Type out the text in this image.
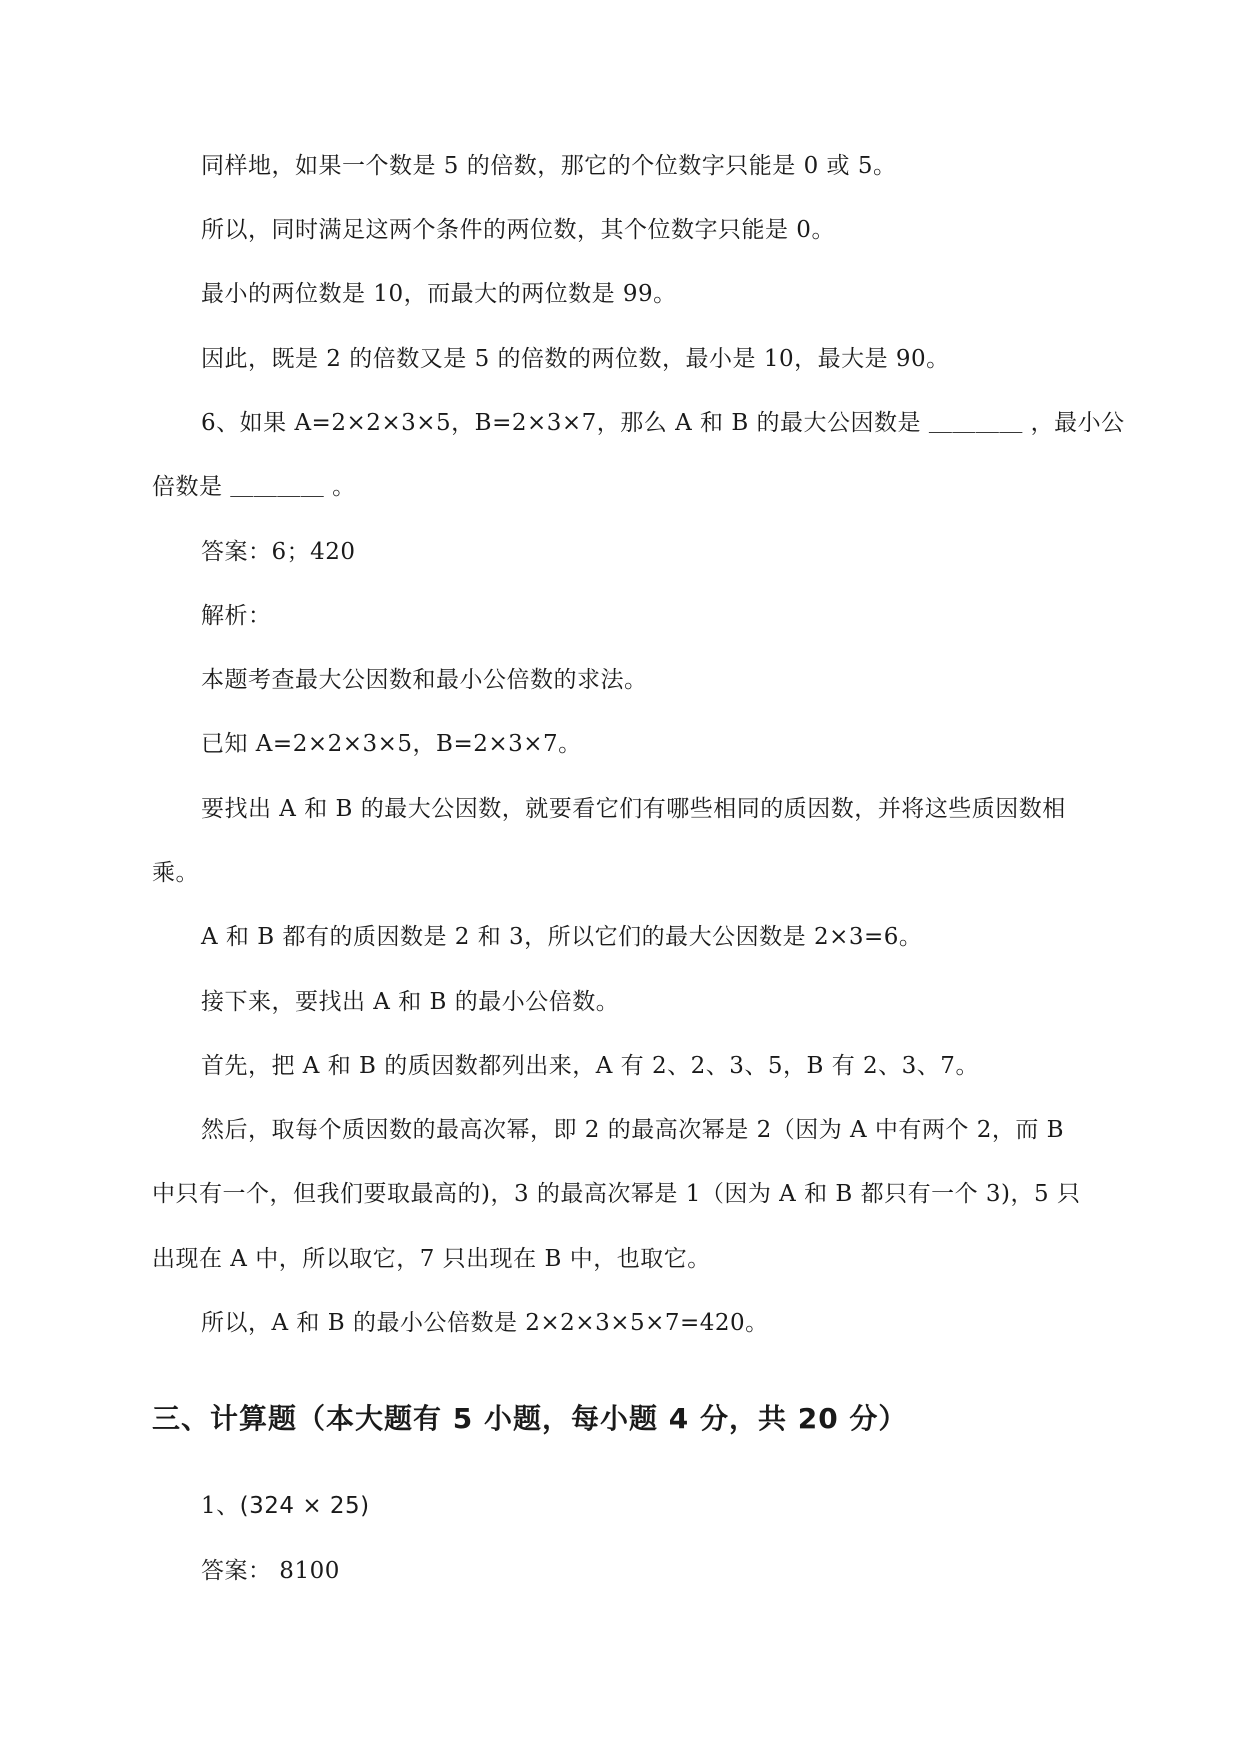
同样地，如果一个数是 5 的倍数，那它的个位数字只能是 0 或 5。
所以，同时满足这两个条件的两位数，其个位数字只能是 0。
最小的两位数是 10，而最大的两位数是 99。
因此，既是 2 的倍数又是 5 的倍数的两位数，最小是 10，最大是 90。
6、如果 A=2×2×3×5，B=2×3×7，那么 A 和 B 的最大公因数是 ＿＿＿＿ ，最小公
倍数是 ＿＿＿＿ 。
答案：6；420
解析：
本题考查最大公因数和最小公倍数的求法。
已知 A=2×2×3×5，B=2×3×7。
要找出 A 和 B 的最大公因数，就要看它们有哪些相同的质因数，并将这些质因数相
乘。
A 和 B 都有的质因数是 2 和 3，所以它们的最大公因数是 2×3=6。
接下来，要找出 A 和 B 的最小公倍数。
首先，把 A 和 B 的质因数都列出来，A 有 2、2、3、5，B 有 2、3、7。
然后，取每个质因数的最高次幂，即 2 的最高次幂是 2（因为 A 中有两个 2，而 B
中只有一个，但我们要取最高的)，3 的最高次幂是 1（因为 A 和 B 都只有一个 3)，5 只
出现在 A 中，所以取它，7 只出现在 B 中，也取它。
所以，A 和 B 的最小公倍数是 2×2×3×5×7=420。
三、计算题（本大题有 5 小题，每小题 4 分，共 20 分）
1、(324 × 25)
答案： 8100
